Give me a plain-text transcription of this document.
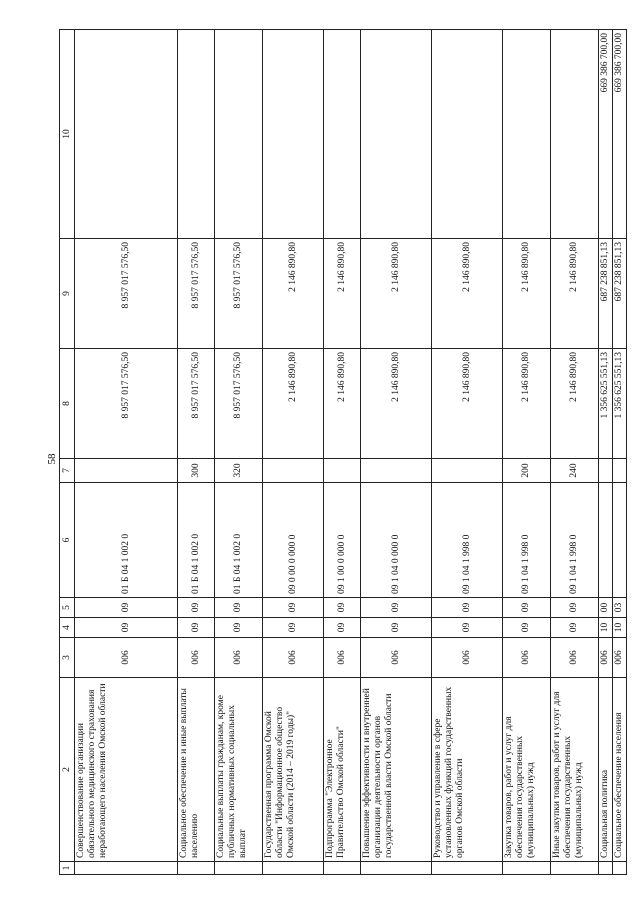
58
1	2	3	4	5	6	7	8	9	10
	Совершенствование организации обязательного медицинского страхования неработающего населения Омской области	006	09	09	01 Б 04 1 002 0		8 957 017 576,50	8 957 017 576,50	
	Социальное обеспечение и иные выплаты населению	006	09	09	01 Б 04 1 002 0	300	8 957 017 576,50	8 957 017 576,50	
	Социальные выплаты гражданам, кроме публичных нормативных социальных выплат	006	09	09	01 Б 04 1 002 0	320	8 957 017 576,50	8 957 017 576,50	
	Государственная программа Омской области "Информационное общество Омской области (2014 – 2019 годы)"	006	09	09	09 0 00 0 000 0		2 146 890,80	2 146 890,80	
	Подпрограмма "Электронное Правительство Омской области"	006	09	09	09 1 00 0 000 0		2 146 890,80	2 146 890,80	
	Повышение эффективности и внутренней организации деятельности органов государственной власти Омской области	006	09	09	09 1 04 0 000 0		2 146 890,80	2 146 890,80	
	Руководство и управление в сфере установленных функций государственных органов Омской области	006	09	09	09 1 04 1 998 0		2 146 890,80	2 146 890,80	
	Закупка товаров, работ и услуг для обеспечения государственных (муниципальных) нужд	006	09	09	09 1 04 1 998 0	200	2 146 890,80	2 146 890,80	
	Иные закупки товаров, работ и услуг для обеспечения государственных (муниципальных) нужд	006	09	09	09 1 04 1 998 0	240	2 146 890,80	2 146 890,80	
	Социальная политика	006	10	00			1 356 625 551,13	687 238 851,13	669 386 700,00
	Социальное обеспечение населения	006	10	03			1 356 625 551,13	687 238 851,13	669 386 700,00
